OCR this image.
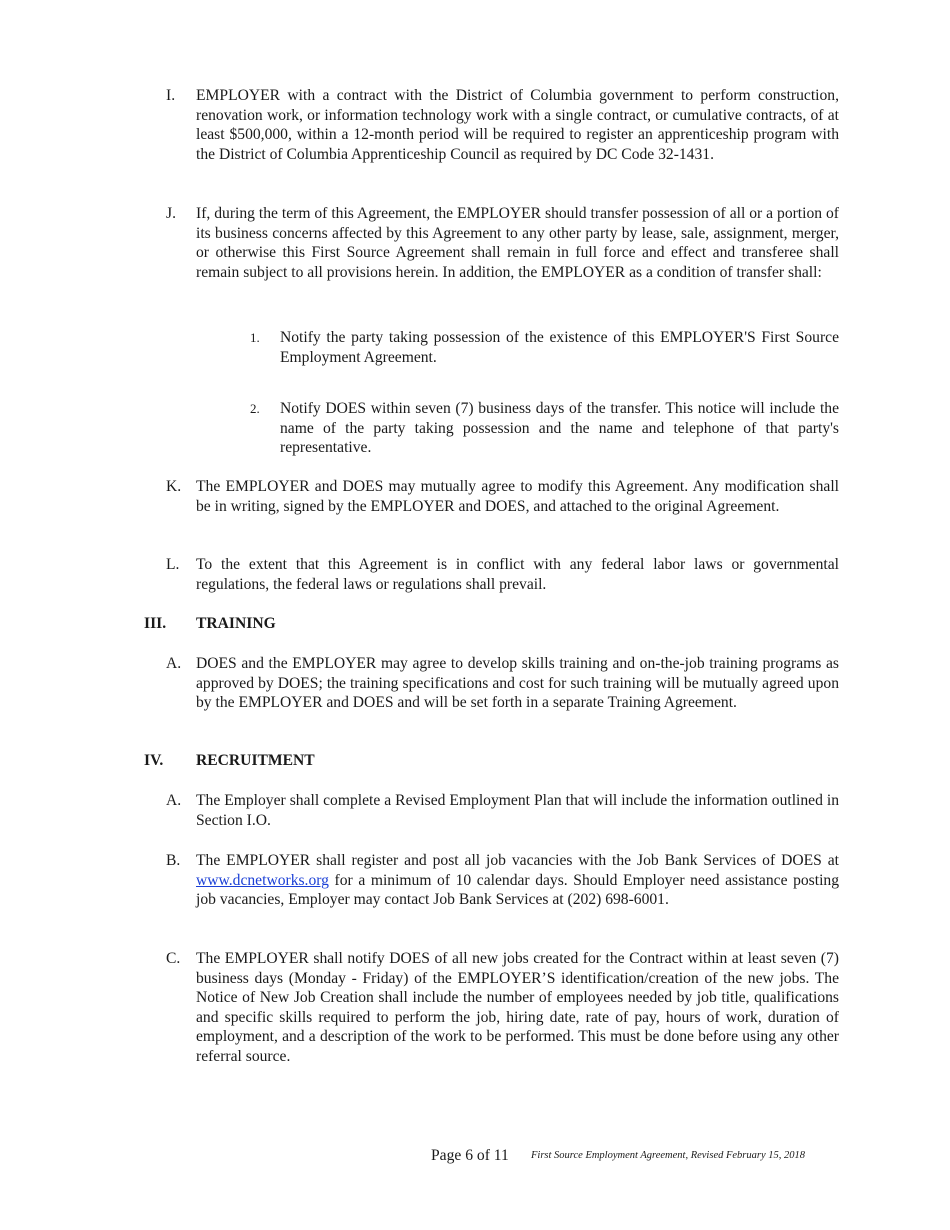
I.	EMPLOYER with a contract with the District of Columbia government to perform construction, renovation work, or information technology work with a single contract, or cumulative contracts, of at least $500,000, within a 12-month period will be required to register an apprenticeship program with the District of Columbia Apprenticeship Council as required by DC Code 32-1431.
J.	If, during the term of this Agreement, the EMPLOYER should transfer possession of all or a portion of its business concerns affected by this Agreement to any other party by lease, sale, assignment, merger, or otherwise this First Source Agreement shall remain in full force and effect and transferee shall remain subject to all provisions herein. In addition, the EMPLOYER as a condition of transfer shall:
1. Notify the party taking possession of the existence of this EMPLOYER'S First Source Employment Agreement.
2. Notify DOES within seven (7) business days of the transfer. This notice will include the name of the party taking possession and the name and telephone of that party's representative.
K. The EMPLOYER and DOES may mutually agree to modify this Agreement. Any modification shall be in writing, signed by the EMPLOYER and DOES, and attached to the original Agreement.
L.	To the extent that this Agreement is in conflict with any federal labor laws or governmental regulations, the federal laws or regulations shall prevail.
III. TRAINING
A. DOES and the EMPLOYER may agree to develop skills training and on-the-job training programs as approved by DOES; the training specifications and cost for such training will be mutually agreed upon by the EMPLOYER and DOES and will be set forth in a separate Training Agreement.
IV. RECRUITMENT
A. The Employer shall complete a Revised Employment Plan that will include the information outlined in Section I.O.
B.	The EMPLOYER shall register and post all job vacancies with the Job Bank Services of DOES at www.dcnetworks.org for a minimum of 10 calendar days. Should Employer need assistance posting job vacancies, Employer may contact Job Bank Services at (202) 698-6001.
C.	The EMPLOYER shall notify DOES of all new jobs created for the Contract within at least seven (7) business days (Monday - Friday) of the EMPLOYER’S identification/creation of the new jobs. The Notice of New Job Creation shall include the number of employees needed by job title, qualifications and specific skills required to perform the job, hiring date, rate of pay, hours of work, duration of employment, and a description of the work to be performed. This must be done before using any other referral source.
Page 6 of 11 First Source Employment Agreement, Revised February 15, 2018
